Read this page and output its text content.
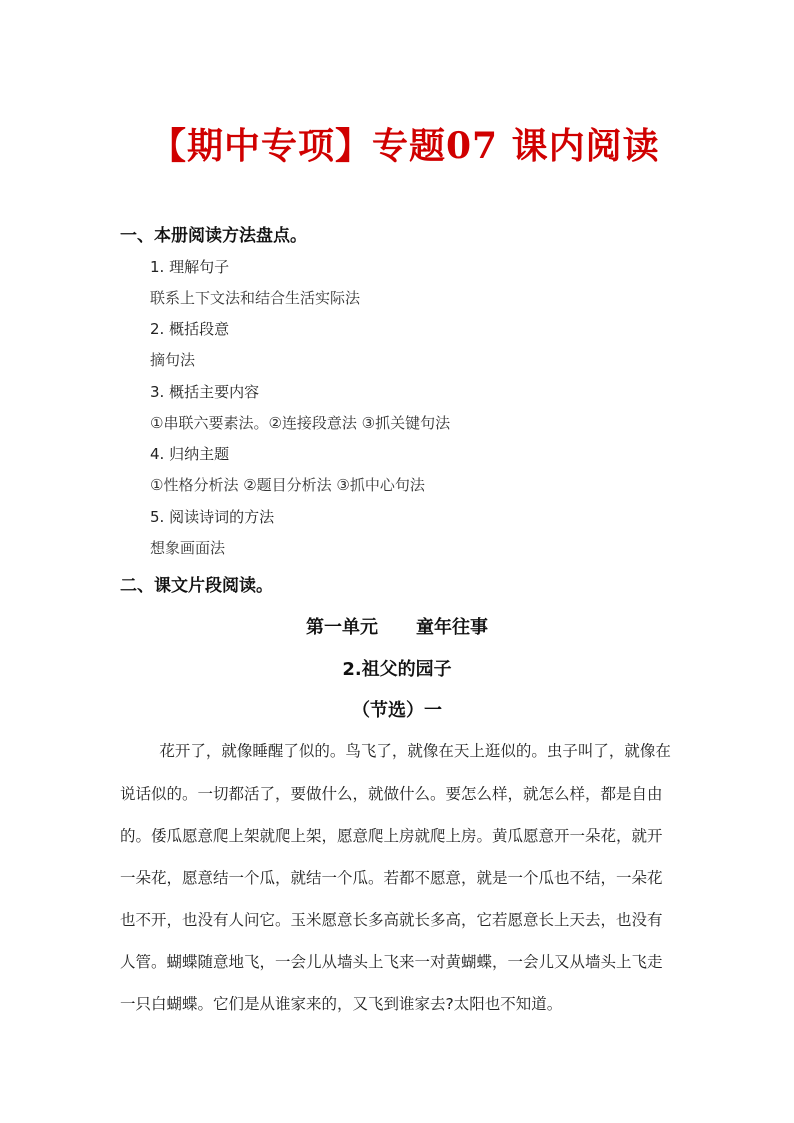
【期中专项】专题07 课内阅读
一、本册阅读方法盘点。
1. 理解句子
联系上下文法和结合生活实际法
2. 概括段意
摘句法
3. 概括主要内容
①串联六要素法。②连接段意法 ③抓关键句法
4. 归纳主题
①性格分析法 ②题目分析法 ③抓中心句法
5. 阅读诗词的方法
想象画面法
二、课文片段阅读。
第一单元 童年往事
2.祖父的园子
（节选）一
花开了，就像睡醒了似的。鸟飞了，就像在天上逛似的。虫子叫了，就像在
说话似的。一切都活了，要做什么，就做什么。要怎么样，就怎么样，都是自由
的。倭瓜愿意爬上架就爬上架，愿意爬上房就爬上房。黄瓜愿意开一朵花，就开
一朵花，愿意结一个瓜，就结一个瓜。若都不愿意，就是一个瓜也不结，一朵花
也不开，也没有人问它。玉米愿意长多高就长多高，它若愿意长上天去，也没有
人管。蝴蝶随意地飞，一会儿从墙头上飞来一对黄蝴蝶，一会儿又从墙头上飞走
一只白蝴蝶。它们是从谁家来的，又飞到谁家去?太阳也不知道。
